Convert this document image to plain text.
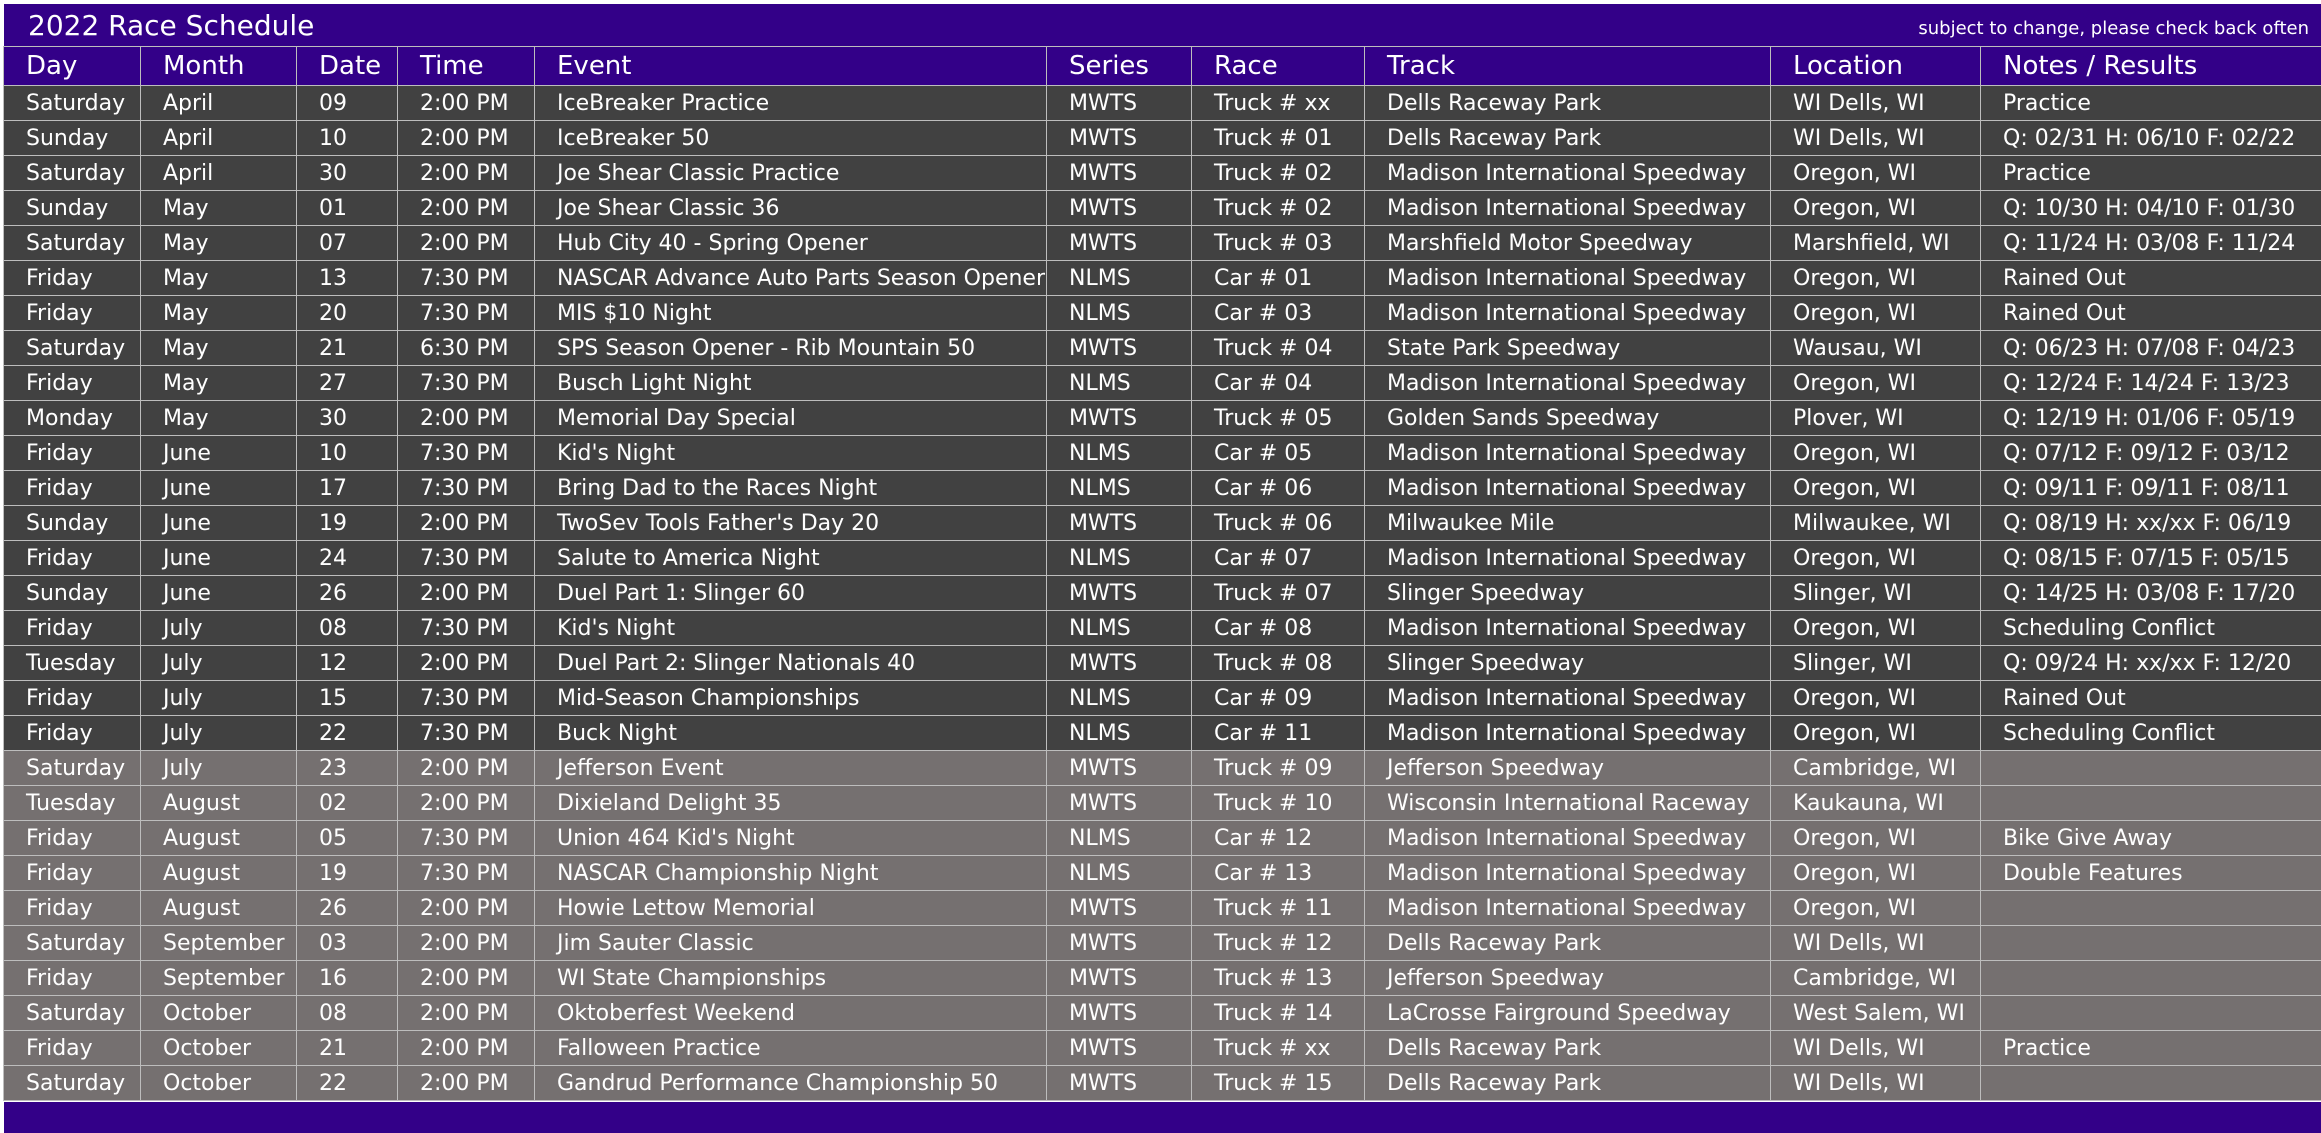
2022 Race Schedule	subject to change, please check back often
Day	Month	Date	Time	Event	Series	Race	Track	Location	Notes / Results
Saturday	April	09	2:00 PM	IceBreaker Practice	MWTS	Truck # xx	Dells Raceway Park	WI Dells, WI	Practice
Sunday	April	10	2:00 PM	IceBreaker 50	MWTS	Truck # 01	Dells Raceway Park	WI Dells, WI	Q: 02/31 H: 06/10 F: 02/22
Saturday	April	30	2:00 PM	Joe Shear Classic Practice	MWTS	Truck # 02	Madison International Speedway	Oregon, WI	Practice
Sunday	May	01	2:00 PM	Joe Shear Classic 36	MWTS	Truck # 02	Madison International Speedway	Oregon, WI	Q: 10/30 H: 04/10 F: 01/30
Saturday	May	07	2:00 PM	Hub City 40 - Spring Opener	MWTS	Truck # 03	Marshfield Motor Speedway	Marshfield, WI	Q: 11/24 H: 03/08 F: 11/24
Friday	May	13	7:30 PM	NASCAR Advance Auto Parts Season Opener	NLMS	Car # 01	Madison International Speedway	Oregon, WI	Rained Out
Friday	May	20	7:30 PM	MIS $10 Night	NLMS	Car # 03	Madison International Speedway	Oregon, WI	Rained Out
Saturday	May	21	6:30 PM	SPS Season Opener - Rib Mountain 50	MWTS	Truck # 04	State Park Speedway	Wausau, WI	Q: 06/23 H: 07/08 F: 04/23
Friday	May	27	7:30 PM	Busch Light Night	NLMS	Car # 04	Madison International Speedway	Oregon, WI	Q: 12/24 F: 14/24 F: 13/23
Monday	May	30	2:00 PM	Memorial Day Special	MWTS	Truck # 05	Golden Sands Speedway	Plover, WI	Q: 12/19 H: 01/06 F: 05/19
Friday	June	10	7:30 PM	Kid's Night	NLMS	Car # 05	Madison International Speedway	Oregon, WI	Q: 07/12 F: 09/12 F: 03/12
Friday	June	17	7:30 PM	Bring Dad to the Races Night	NLMS	Car # 06	Madison International Speedway	Oregon, WI	Q: 09/11 F: 09/11 F: 08/11
Sunday	June	19	2:00 PM	TwoSev Tools Father's Day 20	MWTS	Truck # 06	Milwaukee Mile	Milwaukee, WI	Q: 08/19 H: xx/xx F: 06/19
Friday	June	24	7:30 PM	Salute to America Night	NLMS	Car # 07	Madison International Speedway	Oregon, WI	Q: 08/15 F: 07/15 F: 05/15
Sunday	June	26	2:00 PM	Duel Part 1: Slinger 60	MWTS	Truck # 07	Slinger Speedway	Slinger, WI	Q: 14/25 H: 03/08 F: 17/20
Friday	July	08	7:30 PM	Kid's Night	NLMS	Car # 08	Madison International Speedway	Oregon, WI	Scheduling Conflict
Tuesday	July	12	2:00 PM	Duel Part 2: Slinger Nationals 40	MWTS	Truck # 08	Slinger Speedway	Slinger, WI	Q: 09/24 H: xx/xx F: 12/20
Friday	July	15	7:30 PM	Mid-Season Championships	NLMS	Car # 09	Madison International Speedway	Oregon, WI	Rained Out
Friday	July	22	7:30 PM	Buck Night	NLMS	Car # 11	Madison International Speedway	Oregon, WI	Scheduling Conflict
Saturday	July	23	2:00 PM	Jefferson Event	MWTS	Truck # 09	Jefferson Speedway	Cambridge, WI	
Tuesday	August	02	2:00 PM	Dixieland Delight 35	MWTS	Truck # 10	Wisconsin International Raceway	Kaukauna, WI	
Friday	August	05	7:30 PM	Union 464 Kid's Night	NLMS	Car # 12	Madison International Speedway	Oregon, WI	Bike Give Away
Friday	August	19	7:30 PM	NASCAR Championship Night	NLMS	Car # 13	Madison International Speedway	Oregon, WI	Double Features
Friday	August	26	2:00 PM	Howie Lettow Memorial	MWTS	Truck # 11	Madison International Speedway	Oregon, WI	
Saturday	September	03	2:00 PM	Jim Sauter Classic	MWTS	Truck # 12	Dells Raceway Park	WI Dells, WI	
Friday	September	16	2:00 PM	WI State Championships	MWTS	Truck # 13	Jefferson Speedway	Cambridge, WI	
Saturday	October	08	2:00 PM	Oktoberfest Weekend	MWTS	Truck # 14	LaCrosse Fairground Speedway	West Salem, WI	
Friday	October	21	2:00 PM	Falloween Practice	MWTS	Truck # xx	Dells Raceway Park	WI Dells, WI	Practice
Saturday	October	22	2:00 PM	Gandrud Performance Championship 50	MWTS	Truck # 15	Dells Raceway Park	WI Dells, WI	
